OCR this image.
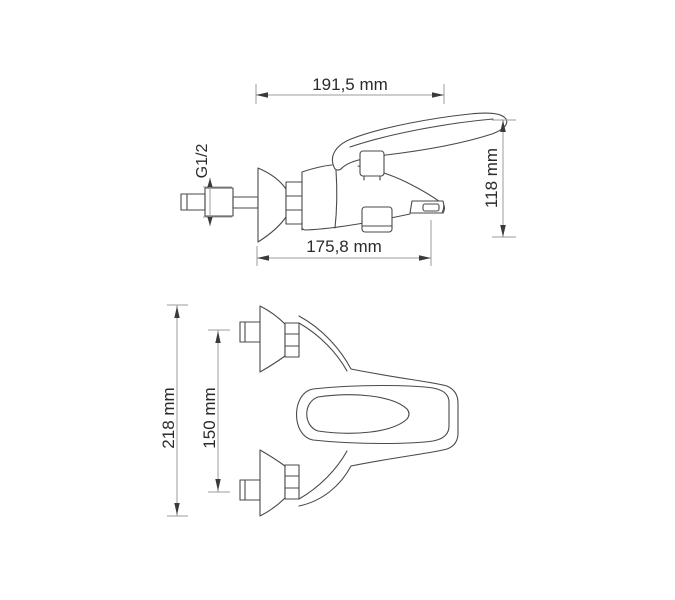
191,5 mm
175,8 mm
118 mm
G1/2
218 mm 150 mm
